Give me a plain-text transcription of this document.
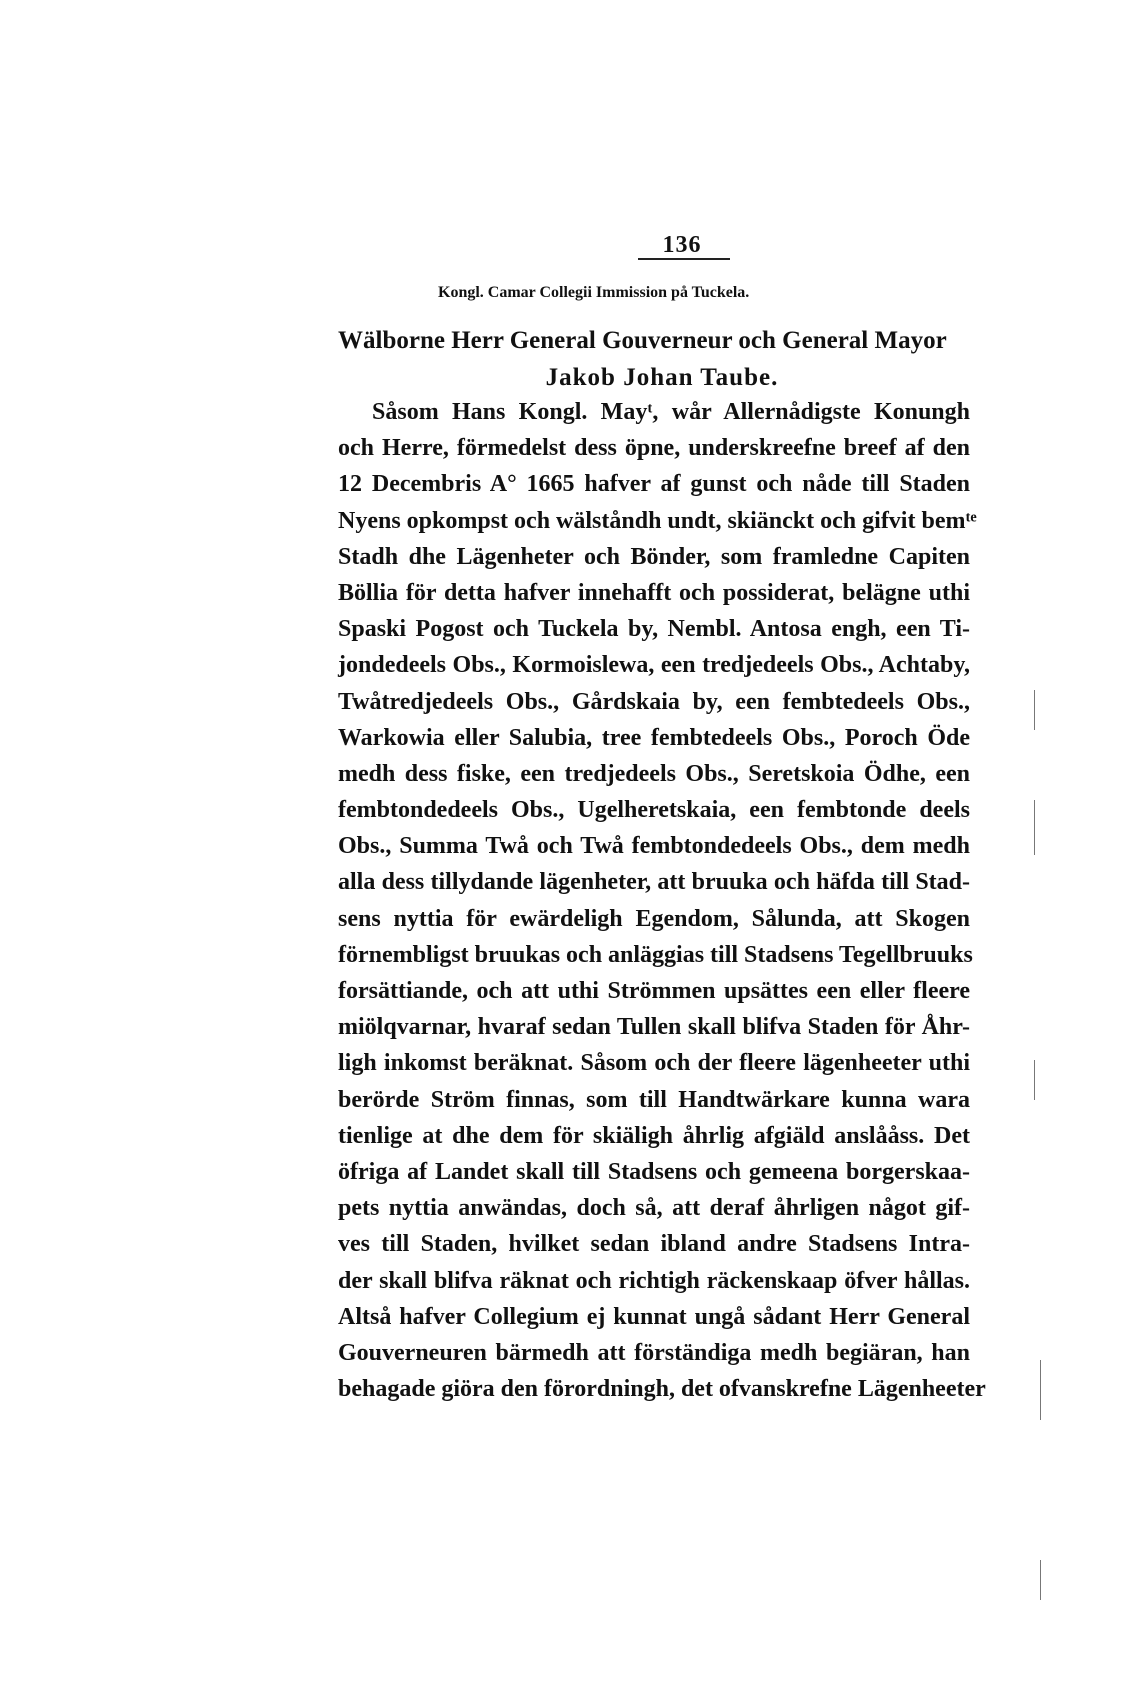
136
Kongl. Camar Collegii Immission på Tuckela.
Wälborne Herr General Gouverneur och General Mayor
Jakob Johan Taube.
Såsom Hans Kongl. Mayᵗ, wår Allernådigste Konungh
och Herre, förmedelst dess öpne, underskreefne breef af den
12 Decembris A° 1665 hafver af gunst och nåde till Staden
Nyens opkompst och wälståndh undt, skiänckt och gifvit bemᵗᵉ
Stadh dhe Lägenheter och Bönder, som framledne Capiten
Böllia för detta hafver innehafft och possiderat, belägne uthi
Spaski Pogost och Tuckela by, Nembl. Antosa engh, een Ti-
jondedeels Obs., Kormoislewa, een tredjedeels Obs., Achtaby,
Twåtredjedeels Obs., Gårdskaia by, een fembtedeels Obs.,
Warkowia eller Salubia, tree fembtedeels Obs., Poroch Öde
medh dess fiske, een tredjedeels Obs., Seretskoia Ödhe, een
fembtondedeels Obs., Ugelheretskaia, een fembtonde deels
Obs., Summa Twå och Twå fembtondedeels Obs., dem medh
alla dess tillydande lägenheter, att bruuka och häfda till Stad-
sens nyttia för ewärdeligh Egendom, Sålunda, att Skogen
förnembligst bruukas och anläggias till Stadsens Tegellbruuks
forsättiande, och att uthi Strömmen upsättes een eller fleere
miölqvarnar, hvaraf sedan Tullen skall blifva Staden för Åhr-
ligh inkomst beräknat. Såsom och der fleere lägenheeter uthi
berörde Ström finnas, som till Handtwärkare kunna wara
tienlige at dhe dem för skiäligh åhrlig afgiäld anslååss. Det
öfriga af Landet skall till Stadsens och gemeena borgerskaa-
pets nyttia anwändas, doch så, att deraf åhrligen något gif-
ves till Staden, hvilket sedan ibland andre Stadsens Intra-
der skall blifva räknat och richtigh räckenskaap öfver hållas.
Altså hafver Collegium ej kunnat ungå sådant Herr General
Gouverneuren bärmedh att förständiga medh begiäran, han
behagade giöra den förordningh, det ofvanskrefne Lägenheeter
